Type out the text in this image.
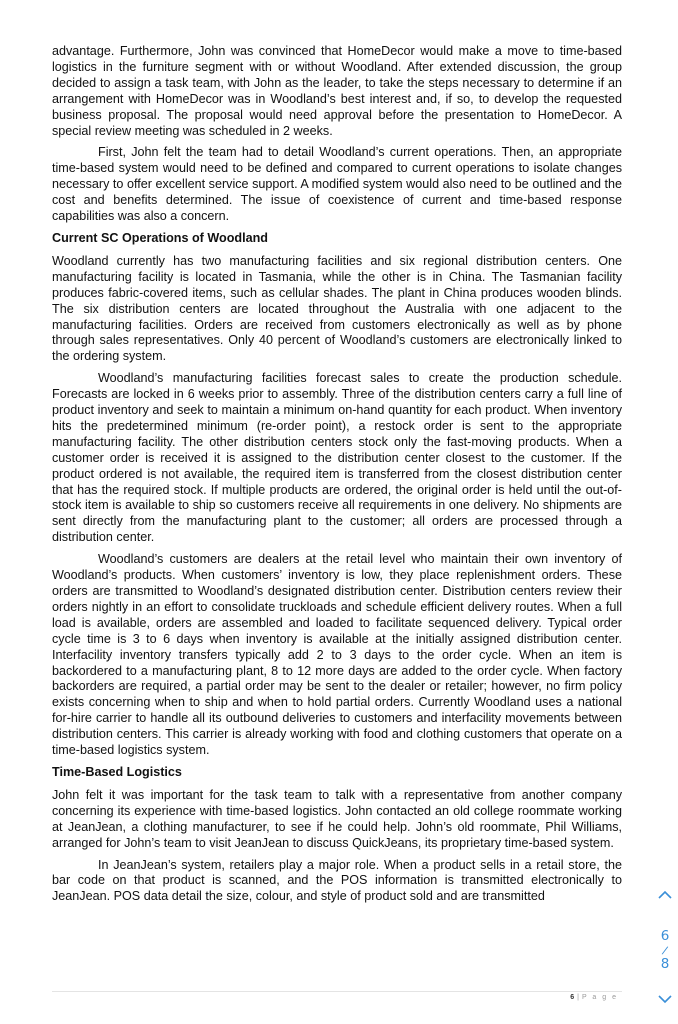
advantage. Furthermore, John was convinced that HomeDecor would make a move to time-based logistics in the furniture segment with or without Woodland. After extended discussion, the group decided to assign a task team, with John as the leader, to take the steps necessary to determine if an arrangement with HomeDecor was in Woodland’s best interest and, if so, to develop the requested business proposal. The proposal would need approval before the presentation to HomeDecor. A special review meeting was scheduled in 2 weeks.

First, John felt the team had to detail Woodland’s current operations. Then, an appropriate time-based system would need to be defined and compared to current operations to isolate changes necessary to offer excellent service support. A modified system would also need to be outlined and the cost and benefits determined. The issue of coexistence of current and time-based response capabilities was also a concern.

Current SC Operations of Woodland

Woodland currently has two manufacturing facilities and six regional distribution centers. One manufacturing facility is located in Tasmania, while the other is in China. The Tasmanian facility produces fabric-covered items, such as cellular shades. The plant in China produces wooden blinds. The six distribution centers are located throughout the Australia with one adjacent to the manufacturing facilities. Orders are received from customers electronically as well as by phone through sales representatives. Only 40 percent of Woodland’s customers are electronically linked to the ordering system.

Woodland’s manufacturing facilities forecast sales to create the production schedule. Forecasts are locked in 6 weeks prior to assembly. Three of the distribution centers carry a full line of product inventory and seek to maintain a minimum on-hand quantity for each product. When inventory hits the predetermined minimum (re-order point), a restock order is sent to the appropriate manufacturing facility. The other distribution centers stock only the fast-moving products. When a customer order is received it is assigned to the distribution center closest to the customer. If the product ordered is not available, the required item is transferred from the closest distribution center that has the required stock. If multiple products are ordered, the original order is held until the out-of-stock item is available to ship so customers receive all requirements in one delivery. No shipments are sent directly from the manufacturing plant to the customer; all orders are processed through a distribution center.

Woodland’s customers are dealers at the retail level who maintain their own inventory of Woodland’s products. When customers’ inventory is low, they place replenishment orders. These orders are transmitted to Woodland’s designated distribution center. Distribution centers review their orders nightly in an effort to consolidate truckloads and schedule efficient delivery routes. When a full load is available, orders are assembled and loaded to facilitate sequenced delivery. Typical order cycle time is 3 to 6 days when inventory is available at the initially assigned distribution center. Interfacility inventory transfers typically add 2 to 3 days to the order cycle. When an item is backordered to a manufacturing plant, 8 to 12 more days are added to the order cycle. When factory backorders are required, a partial order may be sent to the dealer or retailer; however, no firm policy exists concerning when to ship and when to hold partial orders. Currently Woodland uses a national for-hire carrier to handle all its outbound deliveries to customers and interfacility movements between distribution centers. This carrier is already working with food and clothing customers that operate on a time-based logistics system.

Time-Based Logistics

John felt it was important for the task team to talk with a representative from another company concerning its experience with time-based logistics. John contacted an old college roommate working at JeanJean, a clothing manufacturer, to see if he could help. John’s old roommate, Phil Williams, arranged for John’s team to visit JeanJean to discuss QuickJeans, its proprietary time-based system.

In JeanJean’s system, retailers play a major role. When a product sells in a retail store, the bar code on that product is scanned, and the POS information is transmitted electronically to JeanJean. POS data detail the size, colour, and style of product sold and are transmitted

6 | P a g e
6
/
8
